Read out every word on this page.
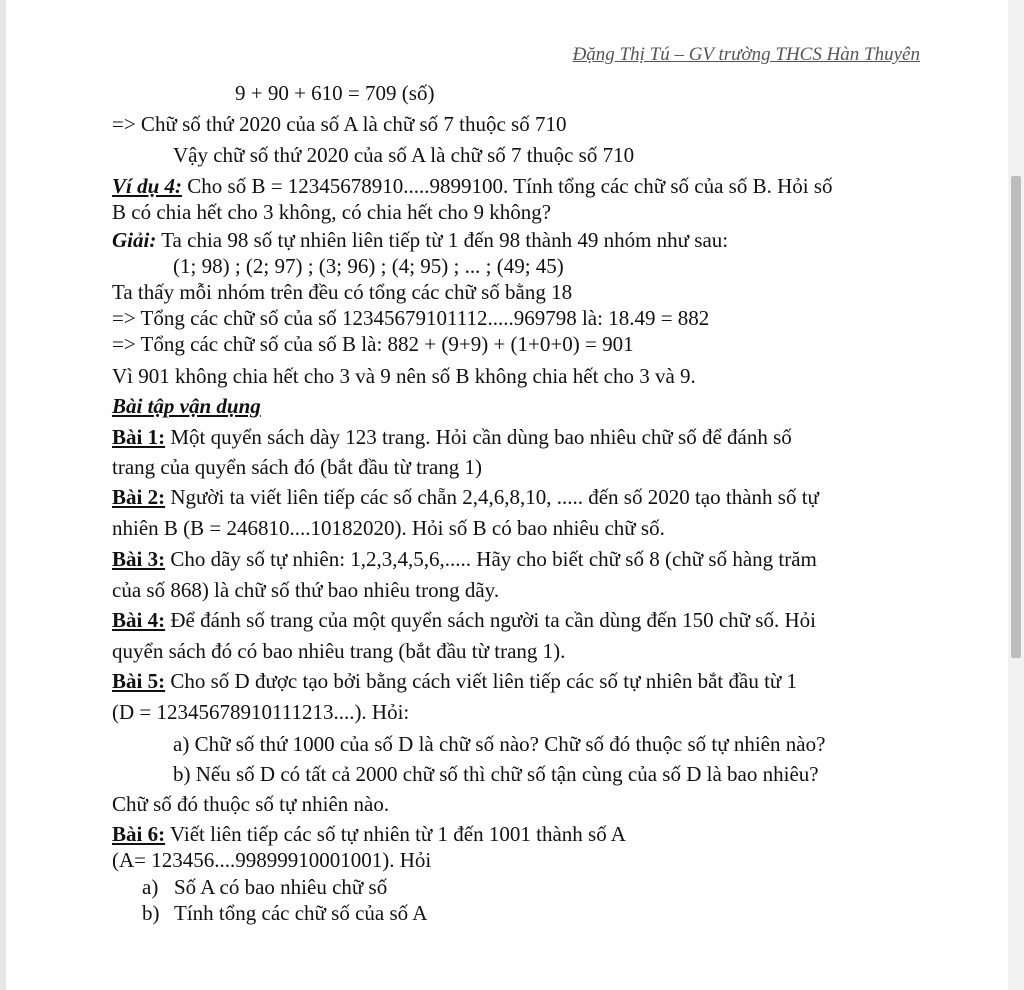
Đặng Thị Tú – GV trường THCS Hàn Thuyên
9 + 90 + 610 = 709 (số)
=> Chữ số thứ 2020 của số A là chữ số 7 thuộc số 710
Vậy chữ số thứ 2020 của số A là chữ số 7 thuộc số 710
Ví dụ 4: Cho số B = 12345678910.....9899100. Tính tổng các chữ số của số B. Hỏi số
B có chia hết cho 3 không, có chia hết cho 9 không?
Giải: Ta chia 98 số tự nhiên liên tiếp từ 1 đến 98 thành 49 nhóm như sau:
(1; 98) ; (2; 97) ; (3; 96) ; (4; 95) ; ... ; (49; 45)
Ta thấy mỗi nhóm trên đều có tổng các chữ số bằng 18
=> Tổng các chữ số của số 12345679101112.....969798 là: 18.49 = 882
=> Tổng các chữ số của số B là: 882 + (9+9) + (1+0+0) = 901
Vì 901 không chia hết cho 3 và 9 nên số B không chia hết cho 3 và 9.
Bài tập vận dụng
Bài 1: Một quyển sách dày 123 trang. Hỏi cần dùng bao nhiêu chữ số để đánh số
trang của quyển sách đó (bắt đầu từ trang 1)
Bài 2: Người ta viết liên tiếp các số chẵn 2,4,6,8,10, ..... đến số 2020 tạo thành số tự
nhiên B (B = 246810....10182020). Hỏi số B có bao nhiêu chữ số.
Bài 3: Cho dãy số tự nhiên: 1,2,3,4,5,6,..... Hãy cho biết chữ số 8 (chữ số hàng trăm
của số 868) là chữ số thứ bao nhiêu trong dãy.
Bài 4: Để đánh số trang của một quyển sách người ta cần dùng đến 150 chữ số. Hỏi
quyển sách đó có bao nhiêu trang (bắt đầu từ trang 1).
Bài 5: Cho số D được tạo bởi bằng cách viết liên tiếp các số tự nhiên bắt đầu từ 1
(D = 12345678910111213....). Hỏi:
a) Chữ số thứ 1000 của số D là chữ số nào? Chữ số đó thuộc số tự nhiên nào?
b) Nếu số D có tất cả 2000 chữ số thì chữ số tận cùng của số D là bao nhiêu?
Chữ số đó thuộc số tự nhiên nào.
Bài 6: Viết liên tiếp các số tự nhiên từ 1 đến 1001 thành số A
(A= 123456....99899910001001). Hỏi
a) Số A có bao nhiêu chữ số
b) Tính tổng các chữ số của số A
